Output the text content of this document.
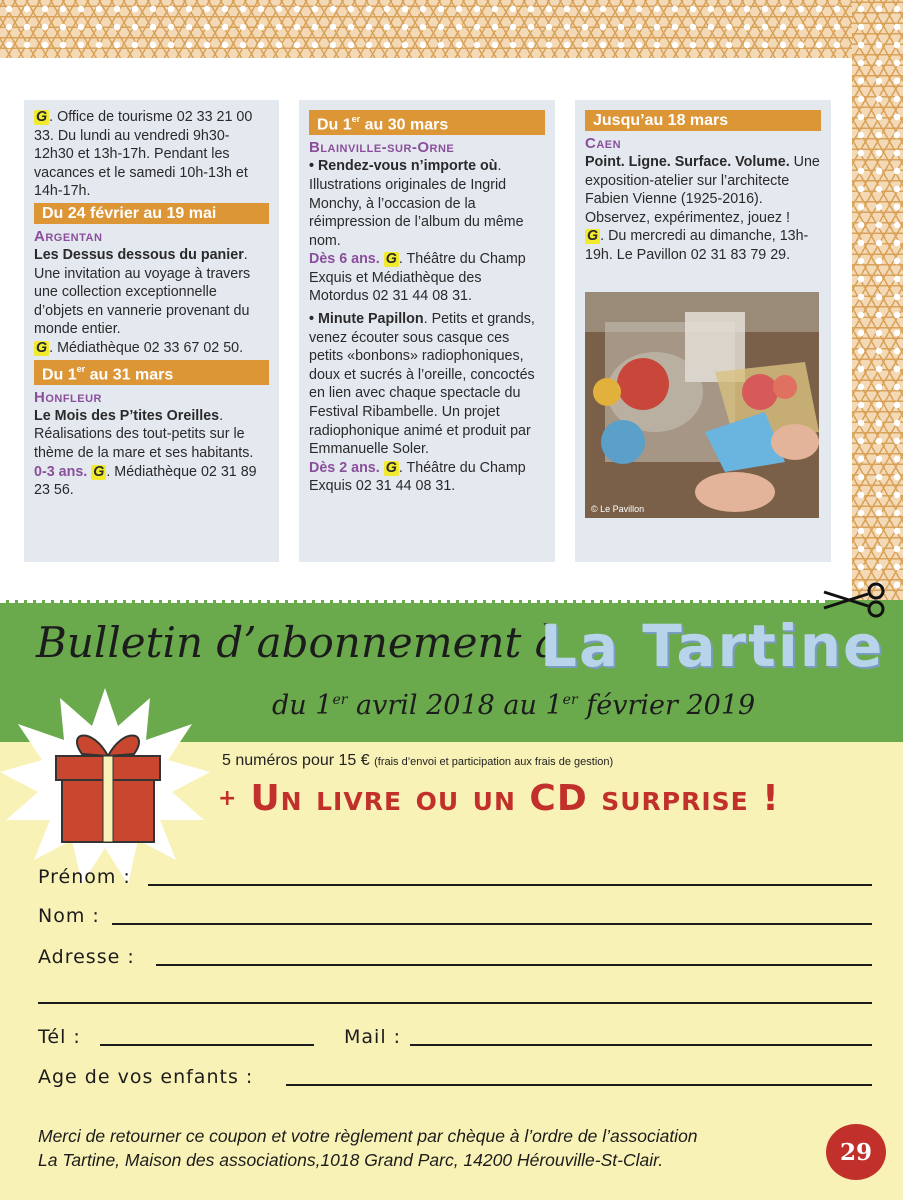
G . Office de tourisme 02 33 21 00 33. Du lundi au vendredi 9h30-12h30 et 13h-17h. Pendant les vacances et le samedi 10h-13h et 14h-17h.
Du 24 février au 19 mai
Argentan
Les Dessus dessous du panier. Une invitation au voyage à travers une collection exceptionnelle d’objets en vannerie provenant du monde entier.
G . Médiathèque 02 33 67 02 50.
Du 1er au 31 mars
Honfleur
Le Mois des P’tites Oreilles. Réalisations des tout-petits sur le thème de la mare et ses habitants.
0-3 ans. G . Médiathèque 02 31 89 23 56.
Du 1er au 30 mars
Blainville-sur-Orne
• Rendez-vous n’importe où. Illustrations originales de Ingrid Monchy, à l’occasion de la réimpression de l’album du même nom.
Dès 6 ans. G . Théâtre du Champ Exquis et Médiathèque des Motordus 02 31 44 08 31.
• Minute Papillon. Petits et grands, venez écouter sous casque ces petits «bonbons» radiophoniques, doux et sucrés à l’oreille, concoctés en lien avec chaque spectacle du Festival Ribambelle. Un projet radiophonique animé et produit par Emmanuelle Soler.
Dès 2 ans. G . Théâtre du Champ Exquis 02 31 44 08 31.
Jusqu’au 18 mars
Caen
Point. Ligne. Surface. Volume. Une exposition-atelier sur l’architecte Fabien Vienne (1925-2016). Observez, expérimentez, jouez !
G . Du mercredi au dimanche, 13h-19h. Le Pavillon 02 31 83 79 29.
© Le Pavillon
Bulletin d’abonnement à
La Tartine
du 1er avril 2018 au 1er février 2019
5 numéros pour 15 € (frais d’envoi et participation aux frais de gestion)
+ Un livre ou un CD surprise !
Prénom :
Nom :
Adresse :
Tél :	Mail :
Age de vos enfants :
Merci de retourner ce coupon et votre règlement par chèque à l’ordre de l’association
La Tartine, Maison des associations,1018 Grand Parc, 14200 Hérouville-St-Clair.	29
